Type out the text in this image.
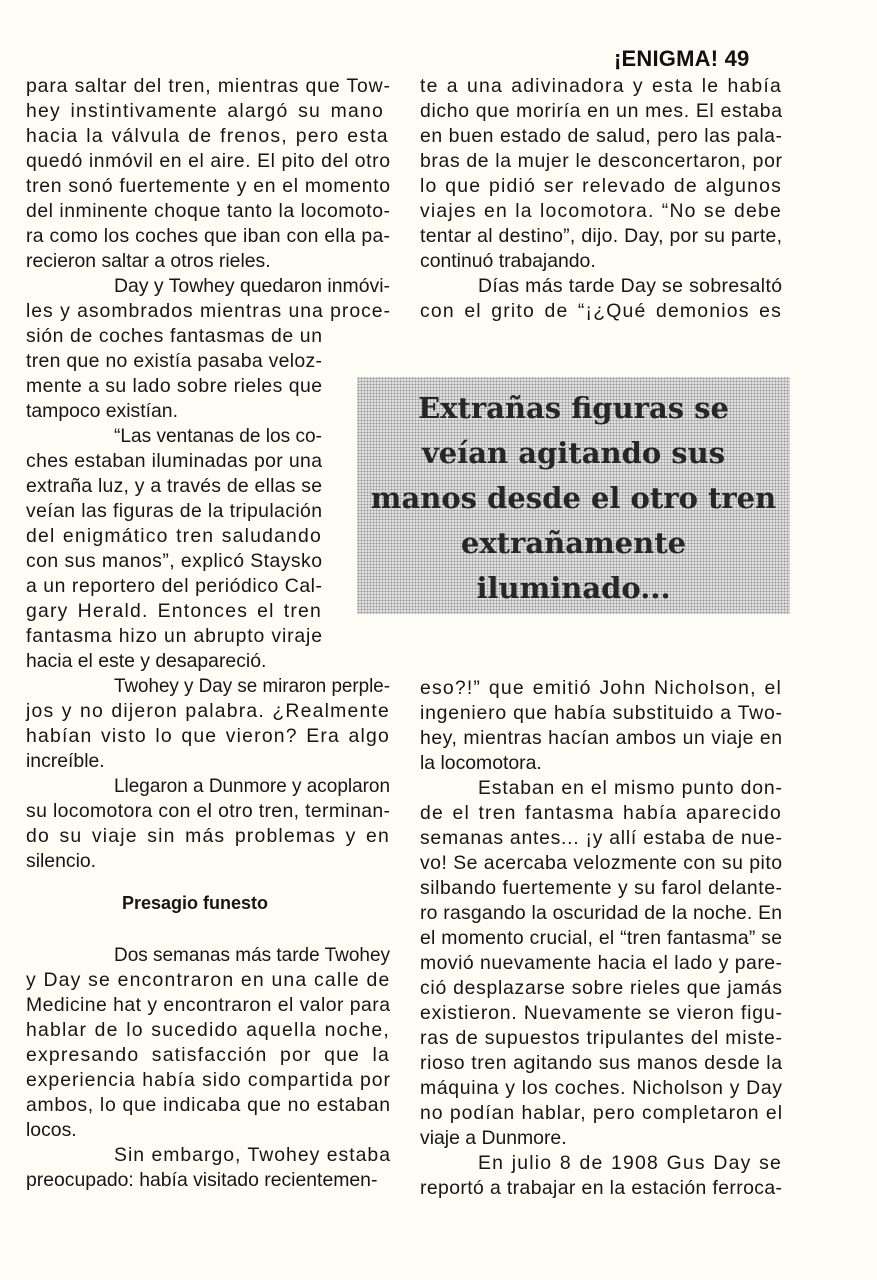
¡ENIGMA! 49
para saltar del tren, mientras que Tow-
hey instintivamente alargó su mano
hacia la válvula de frenos, pero esta
quedó inmóvil en el aire. El pito del otro
tren sonó fuertemente y en el momento
del inminente choque tanto la locomoto-
ra como los coches que iban con ella pa-
recieron saltar a otros rieles.
Day y Towhey quedaron inmóvi-
les y asombrados mientras una proce-
sión de coches fantasmas de un
tren que no existía pasaba veloz-
mente a su lado sobre rieles que
tampoco existían.
“Las ventanas de los co-
ches estaban iluminadas por una
extraña luz, y a través de ellas se
veían las figuras de la tripulación
del enigmático tren saludando
con sus manos”, explicó Staysko
a un reportero del periódico Cal-
gary Herald. Entonces el tren
fantasma hizo un abrupto viraje
hacia el este y desapareció.
Twohey y Day se miraron perple-
jos y no dijeron palabra. ¿Realmente
habían visto lo que vieron? Era algo
increíble.
Llegaron a Dunmore y acoplaron
su locomotora con el otro tren, terminan-
do su viaje sin más problemas y en
silencio.
Dos semanas más tarde Twohey
y Day se encontraron en una calle de
Medicine hat y encontraron el valor para
hablar de lo sucedido aquella noche,
expresando satisfacción por que la
experiencia había sido compartida por
ambos, lo que indicaba que no estaban
locos.
Sin embargo, Twohey estaba
preocupado: había visitado recientemen-
Presagio funesto
te a una adivinadora y esta le había
dicho que moriría en un mes. El estaba
en buen estado de salud, pero las pala-
bras de la mujer le desconcertaron, por
lo que pidió ser relevado de algunos
viajes en la locomotora. “No se debe
tentar al destino”, dijo. Day, por su parte,
continuó trabajando.
Días más tarde Day se sobresaltó
con el grito de “¡¿Qué demonios es
eso?!” que emitió John Nicholson, el
ingeniero que había substituido a Two-
hey, mientras hacían ambos un viaje en
la locomotora.
Estaban en el mismo punto don-
de el tren fantasma había aparecido
semanas antes... ¡y allí estaba de nue-
vo! Se acercaba velozmente con su pito
silbando fuertemente y su farol delante-
ro rasgando la oscuridad de la noche. En
el momento crucial, el “tren fantasma” se
movió nuevamente hacia el lado y pare-
ció desplazarse sobre rieles que jamás
existieron. Nuevamente se vieron figu-
ras de supuestos tripulantes del miste-
rioso tren agitando sus manos desde la
máquina y los coches. Nicholson y Day
no podían hablar, pero completaron el
viaje a Dunmore.
En julio 8 de 1908 Gus Day se
reportó a trabajar en la estación ferroca-
Extrañas figuras se
veían agitando sus
manos desde el otro tren
extrañamente
iluminado...
